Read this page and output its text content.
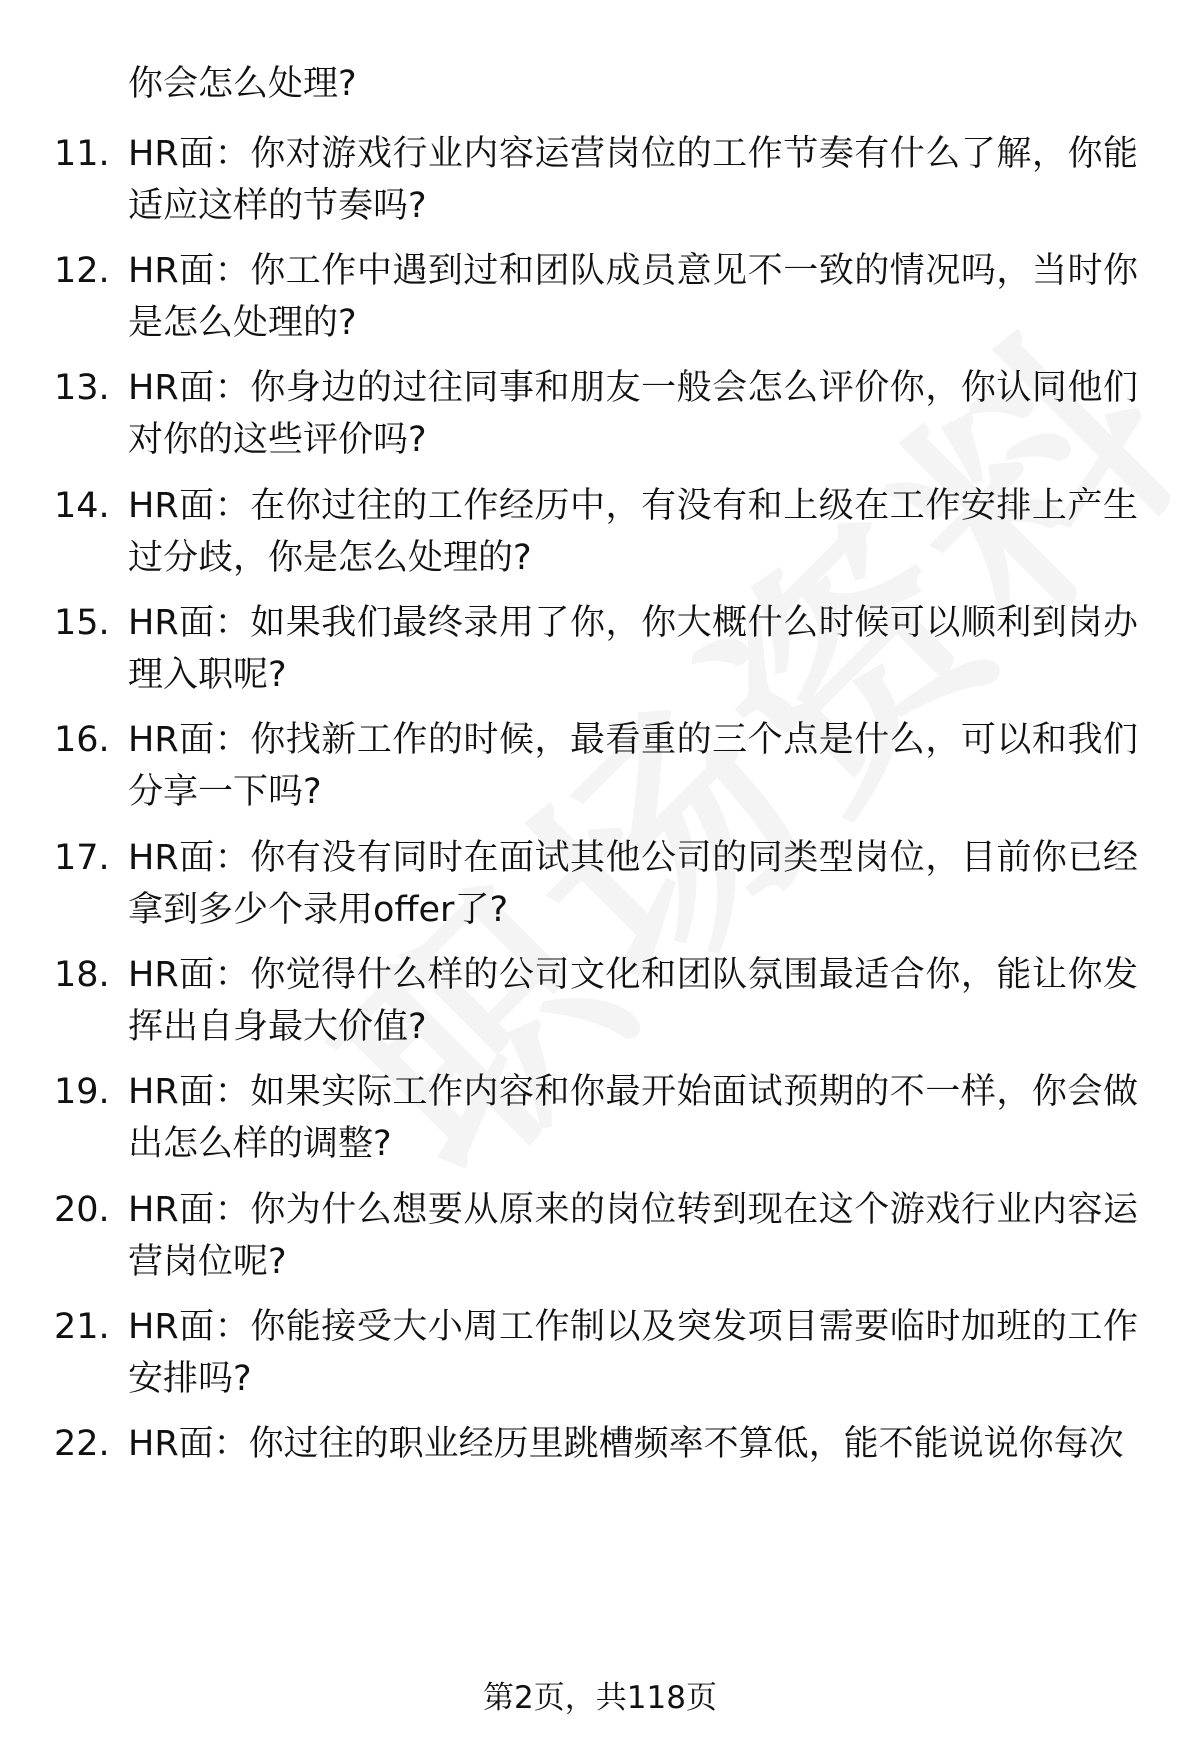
你会怎么处理?
11. HR面：你对游戏行业内容运营岗位的工作节奏有什么了解，你能适应这样的节奏吗?
12. HR面：你工作中遇到过和团队成员意见不一致的情况吗，当时你是怎么处理的?
13. HR面：你身边的过往同事和朋友一般会怎么评价你，你认同他们对你的这些评价吗?
14. HR面：在你过往的工作经历中，有没有和上级在工作安排上产生过分歧，你是怎么处理的?
15. HR面：如果我们最终录用了你，你大概什么时候可以顺利到岗办理入职呢?
16. HR面：你找新工作的时候，最看重的三个点是什么，可以和我们分享一下吗?
17. HR面：你有没有同时在面试其他公司的同类型岗位，目前你已经拿到多少个录用offer了?
18. HR面：你觉得什么样的公司文化和团队氛围最适合你，能让你发挥出自身最大价值?
19. HR面：如果实际工作内容和你最开始面试预期的不一样，你会做出怎么样的调整?
20. HR面：你为什么想要从原来的岗位转到现在这个游戏行业内容运营岗位呢?
21. HR面：你能接受大小周工作制以及突发项目需要临时加班的工作安排吗?
22. HR面：你过往的职业经历里跳槽频率不算低，能不能说说你每次
第2页，共118页
